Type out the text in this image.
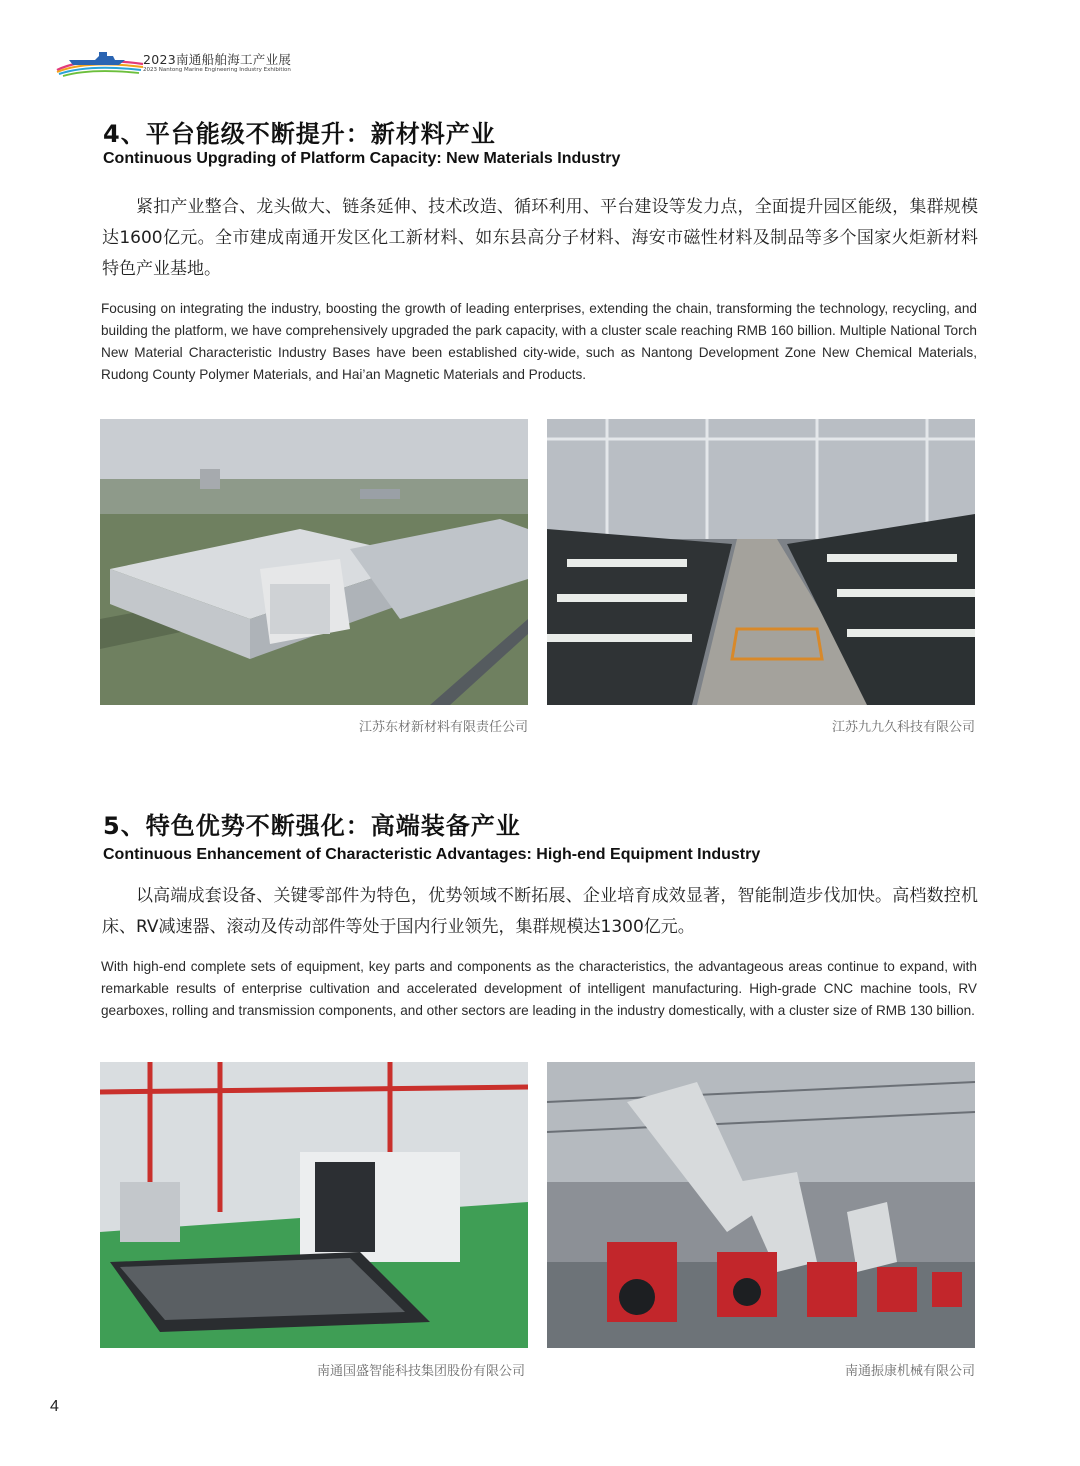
2023南通船舶海工产业展
2023 Nantong Marine Engineering Industry Exhibition
4、平台能级不断提升：新材料产业
Continuous Upgrading of Platform Capacity: New Materials Industry

紧扣产业整合、龙头做大、链条延伸、技术改造、循环利用、平台建设等发力点，全面提升园区能级，集群规模达1600亿元。全市建成南通开发区化工新材料、如东县高分子材料、海安市磁性材料及制品等多个国家火炬新材料特色产业基地。

Focusing on integrating the industry, boosting the growth of leading enterprises, extending the chain, transforming the technology, recycling, and building the platform, we have comprehensively upgraded the park capacity, with a cluster scale reaching RMB 160 billion. Multiple National Torch New Material Characteristic Industry Bases have been established city-wide, such as Nantong Development Zone New Chemical Materials, Rudong County Polymer Materials, and Hai’an Magnetic Materials and Products.

江苏东材新材料有限责任公司	江苏九九久科技有限公司
5、特色优势不断强化：高端装备产业
Continuous Enhancement of Characteristic Advantages: High-end Equipment Industry

以高端成套设备、关键零部件为特色，优势领域不断拓展、企业培育成效显著，智能制造步伐加快。高档数控机床、RV减速器、滚动及传动部件等处于国内行业领先，集群规模达1300亿元。

With high-end complete sets of equipment, key parts and components as the characteristics, the advantageous areas continue to expand, with remarkable results of enterprise cultivation and accelerated development of intelligent manufacturing. High-grade CNC machine tools, RV gearboxes, rolling and transmission components, and other sectors are leading in the industry domestically, with a cluster size of RMB 130 billion.

南通国盛智能科技集团股份有限公司	南通振康机械有限公司
4
